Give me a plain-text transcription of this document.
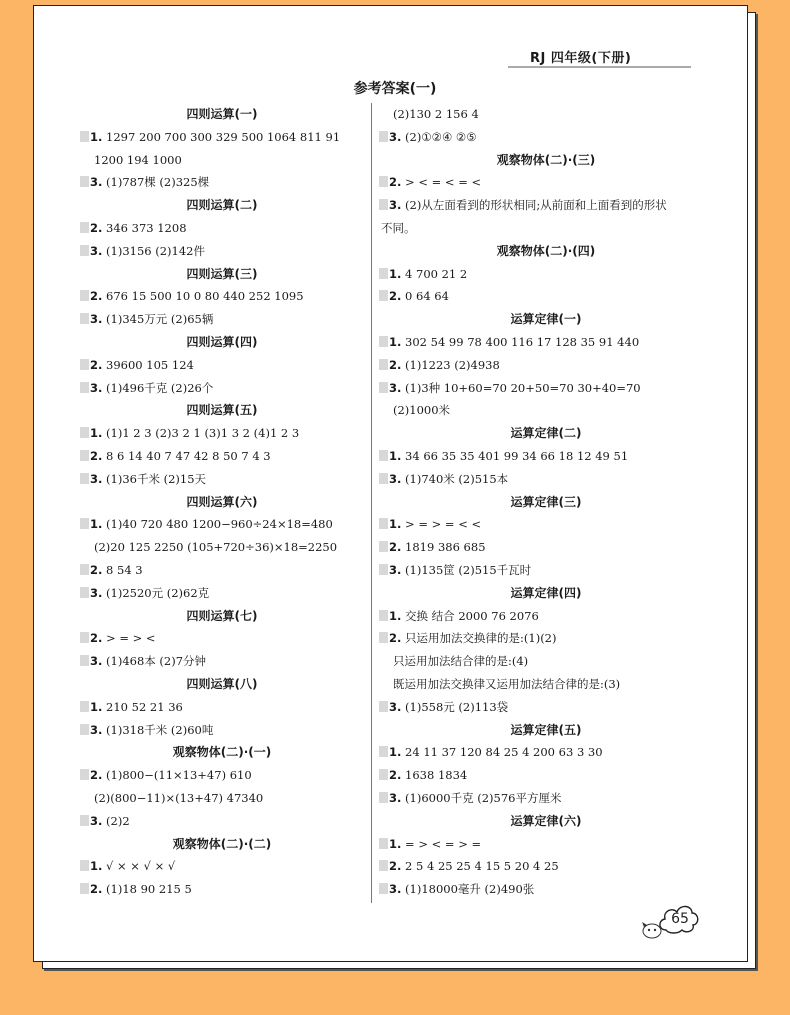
RJ 四年级(下册)
参考答案(一)
四则运算(一)
1. 1297 200 700 300 329 500 1064 811 91
1200 194 1000
3. (1)787棵 (2)325棵
四则运算(二)
2. 346 373 1208
3. (1)3156 (2)142件
四则运算(三)
2. 676 15 500 10 0 80 440 252 1095
3. (1)345万元 (2)65辆
四则运算(四)
2. 39600 105 124
3. (1)496千克 (2)26个
四则运算(五)
1. (1)1 2 3 (2)3 2 1 (3)1 3 2 (4)1 2 3
2. 8 6 14 40 7 47 42 8 50 7 4 3
3. (1)36千米 (2)15天
四则运算(六)
1. (1)40 720 480 1200−960÷24×18=480
(2)20 125 2250 (105+720÷36)×18=2250
2. 8 54 3
3. (1)2520元 (2)62克
四则运算(七)
2. > = > <
3. (1)468本 (2)7分钟
四则运算(八)
1. 210 52 21 36
3. (1)318千米 (2)60吨
观察物体(二)·(一)
2. (1)800−(11×13+47) 610
(2)(800−11)×(13+47) 47340
3. (2)2
观察物体(二)·(二)
1. √ × × √ × √
2. (1)18 90 215 5
(2)130 2 156 4
3. (2)①②④ ②⑤
观察物体(二)·(三)
2. > < = < = <
3. (2)从左面看到的形状相同;从前面和上面看到的形状
不同。
观察物体(二)·(四)
1. 4 700 21 2
2. 0 64 64
运算定律(一)
1. 302 54 99 78 400 116 17 128 35 91 440
2. (1)1223 (2)4938
3. (1)3种 10+60=70 20+50=70 30+40=70
(2)1000米
运算定律(二)
1. 34 66 35 35 401 99 34 66 18 12 49 51
3. (1)740米 (2)515本
运算定律(三)
1. > = > = < <
2. 1819 386 685
3. (1)135筐 (2)515千瓦时
运算定律(四)
1. 交换 结合 2000 76 2076
2. 只运用加法交换律的是:(1)(2)
只运用加法结合律的是:(4)
既运用加法交换律又运用加法结合律的是:(3)
3. (1)558元 (2)113袋
运算定律(五)
1. 24 11 37 120 84 25 4 200 63 3 30
2. 1638 1834
3. (1)6000千克 (2)576平方厘米
运算定律(六)
1. = > < = > =
2. 2 5 4 25 25 4 15 5 20 4 25
3. (1)18000毫升 (2)490张
65
